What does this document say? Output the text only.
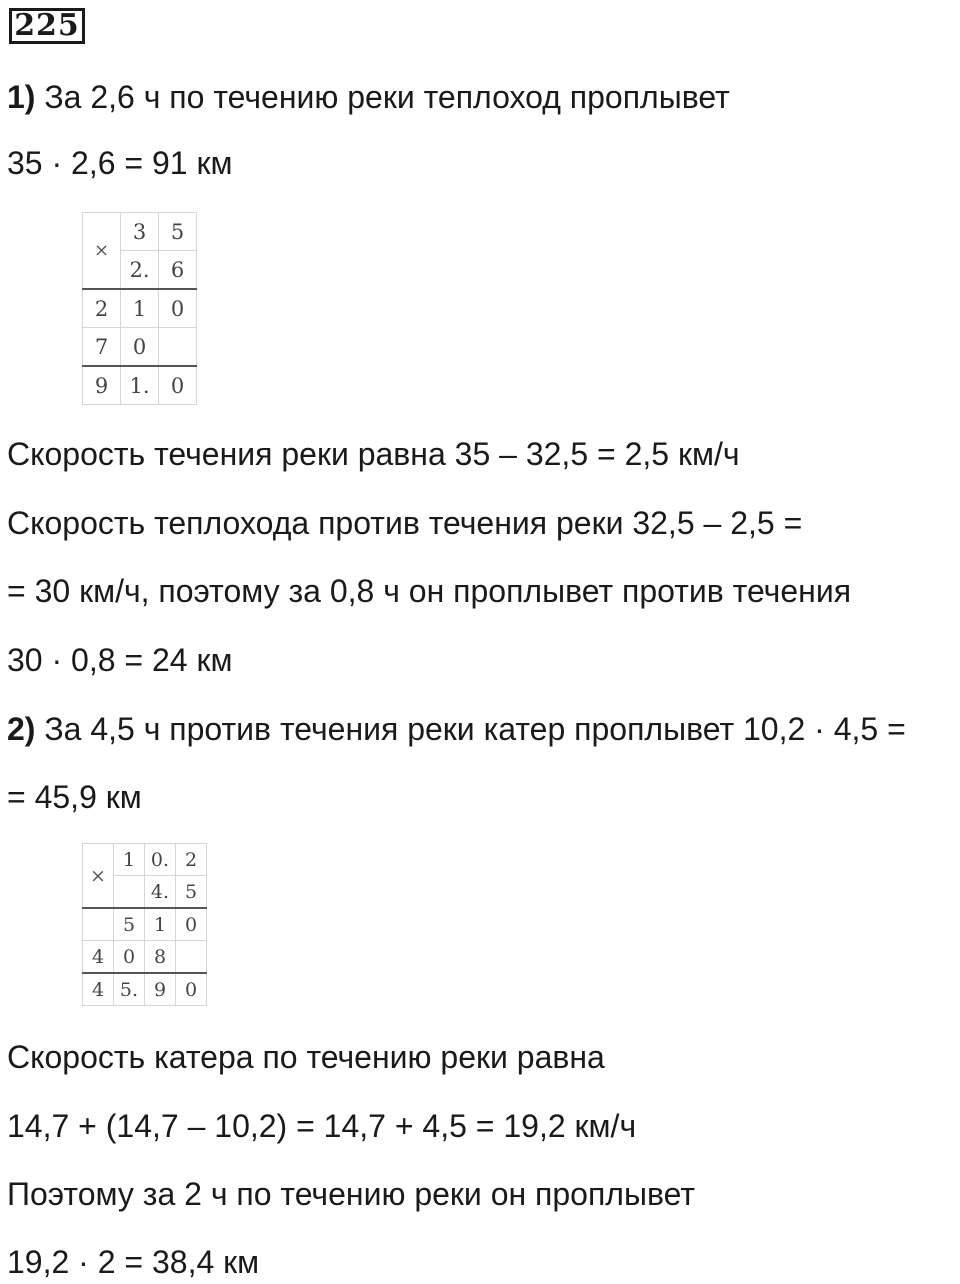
225
1) За 2,6 ч по течению реки теплоход проплывет
35 · 2,6 = 91 км
×	3	5
	2.	6
2	1	0
7	0	
9	1.	0
Скорость течения реки равна 35 – 32,5 = 2,5 км/ч
Скорость теплохода против течения реки 32,5 – 2,5 =
= 30 км/ч, поэтому за 0,8 ч он проплывет против течения
30 · 0,8 = 24 км
2) За 4,5 ч против течения реки катер проплывет 10,2 · 4,5 =
= 45,9 км
×	1	0.	2
		4.	5
	5	1	0
4	0	8	
4	5.	9	0
Скорость катера по течению реки равна
14,7 + (14,7 – 10,2) = 14,7 + 4,5 = 19,2 км/ч
Поэтому за 2 ч по течению реки он проплывет
19,2 · 2 = 38,4 км
